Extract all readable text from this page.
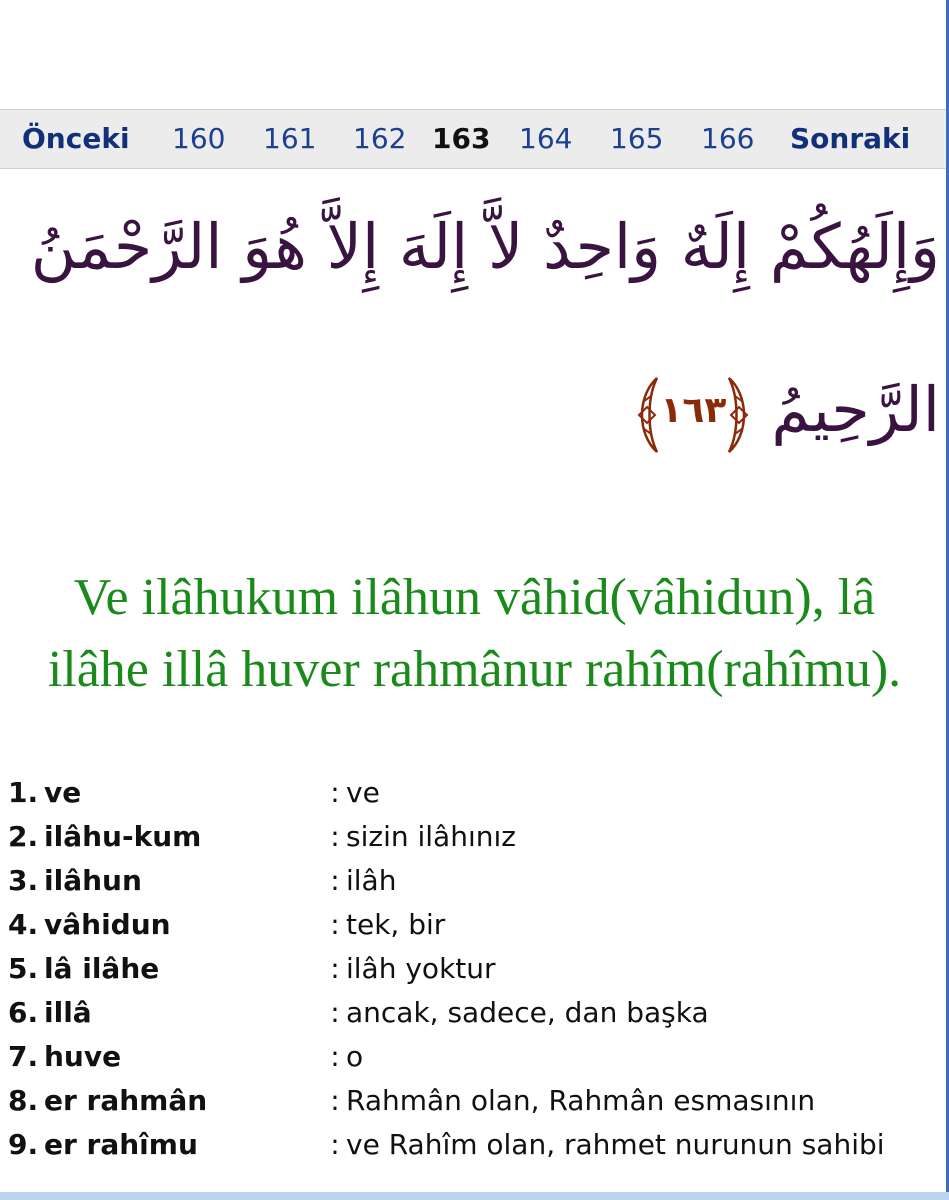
Önceki 160 161 162 163 164 165 166 Sonraki
وَإِلَهُكُمْ إِلَهٌ وَاحِدٌ لاَّ إِلَهَ إِلاَّ هُوَ الرَّحْمَنُ
الرَّحِيمُ
١٦٣
Ve ilâhukum ilâhun vâhid(vâhidun), lâ
ilâhe illâ huver rahmânur rahîm(rahîmu).
1.	ve	:	ve
2.	ilâhu-kum	:	sizin ilâhınız
3.	ilâhun	:	ilâh
4.	vâhidun	:	tek, bir
5.	lâ ilâhe	:	ilâh yoktur
6.	illâ	:	ancak, sadece, dan başka
7.	huve	:	o
8.	er rahmân	:	Rahmân olan, Rahmân esmasının
9.	er rahîmu	:	ve Rahîm olan, rahmet nurunun sahibi
